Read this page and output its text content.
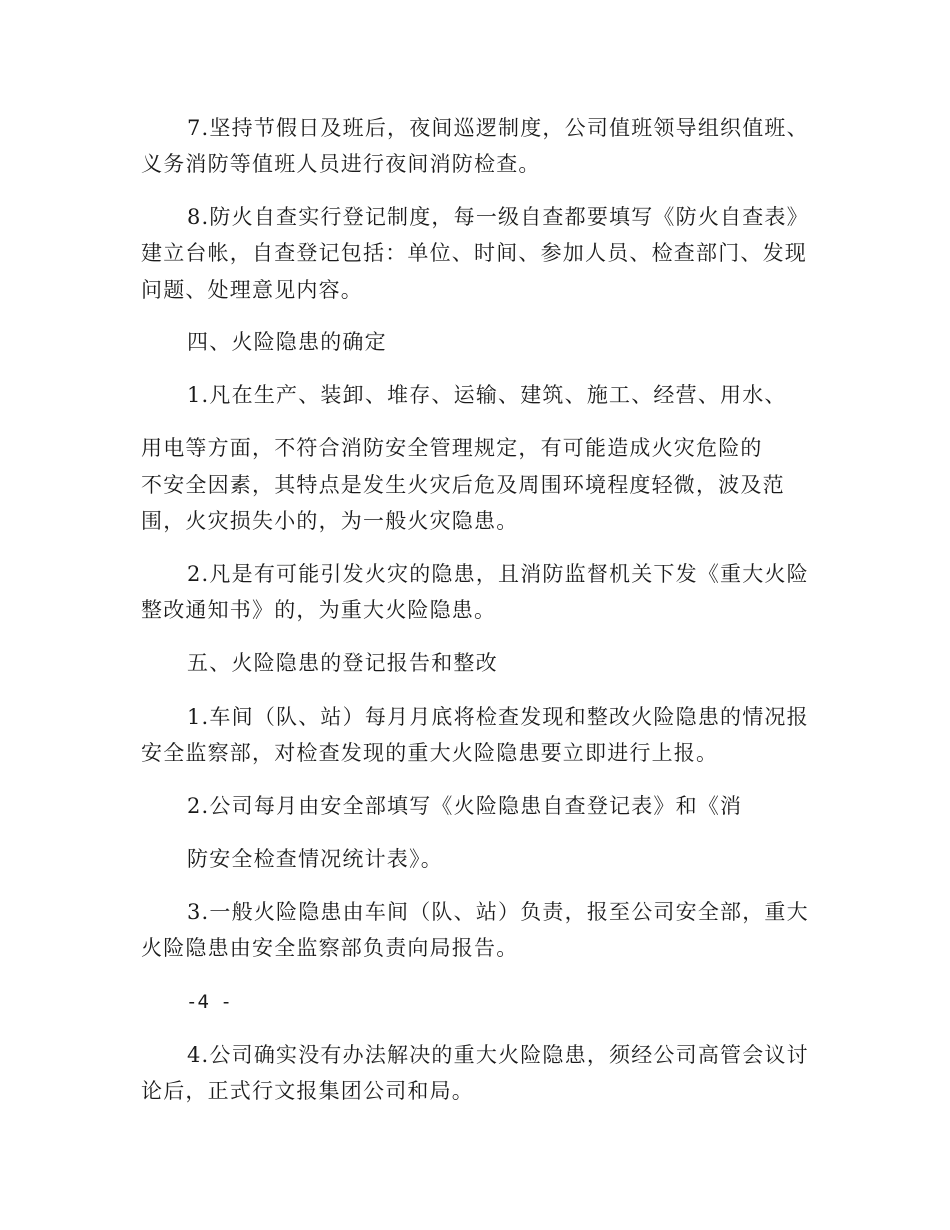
7.坚持节假日及班后，夜间巡逻制度，公司值班领导组织值班、

义务消防等值班人员进行夜间消防检查。

8.防火自查实行登记制度，每一级自查都要填写《防火自查表》

建立台帐，自查登记包括：单位、时间、参加人员、检查部门、发现

问题、处理意见内容。

四、火险隐患的确定

1.凡在生产、装卸、堆存、运输、建筑、施工、经营、用水、

用电等方面，不符合消防安全管理规定，有可能造成火灾危险的

不安全因素，其特点是发生火灾后危及周围环境程度轻微，波及范

围，火灾损失小的，为一般火灾隐患。

2.凡是有可能引发火灾的隐患，且消防监督机关下发《重大火险

整改通知书》的，为重大火险隐患。

五、火险隐患的登记报告和整改

1.车间（队、站）每月月底将检查发现和整改火险隐患的情况报

安全监察部，对检查发现的重大火险隐患要立即进行上报。

2.公司每月由安全部填写《火险隐患自查登记表》和《消

防安全检查情况统计表》。

3.一般火险隐患由车间（队、站）负责，报至公司安全部，重大

火险隐患由安全监察部负责向局报告。

-4 -

4.公司确实没有办法解决的重大火险隐患，须经公司高管会议讨

论后，正式行文报集团公司和局。
